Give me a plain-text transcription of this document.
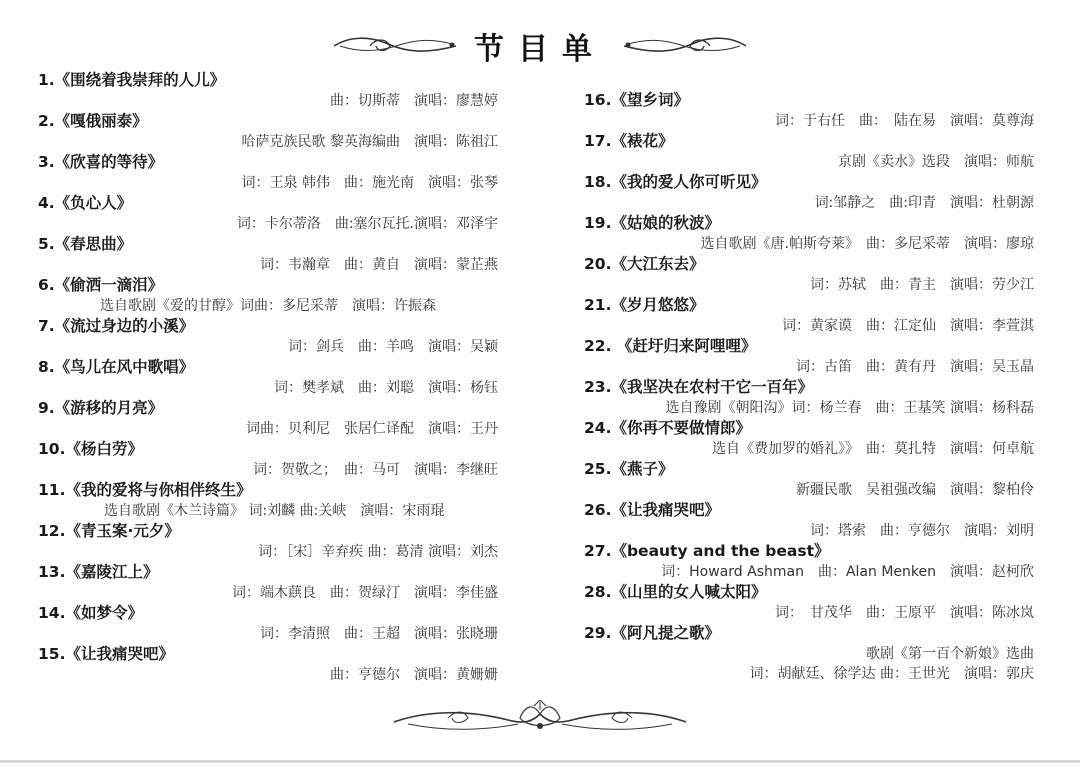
节目单
1.《围绕着我崇拜的人儿》
曲：切斯蒂　演唱：廖慧婷
2.《嘎俄丽泰》
哈萨克族民歌 黎英海编曲　演唱：陈祖江
3.《欣喜的等待》
词：王泉 韩伟　曲：施光南　演唱：张琴
4.《负心人》
词：卡尔蒂洛　曲:塞尔瓦托.演唱：邓泽宇
5.《春思曲》
词：韦瀚章　曲：黄自　演唱：蒙芷燕
6.《偷洒一滴泪》
选自歌剧《爱的甘醇》词曲：多尼采蒂　演唱：许振森
7.《流过身边的小溪》
词：剑兵　曲：羊鸣　演唱：吴颖
8.《鸟儿在风中歌唱》
词：樊孝斌　曲：刘聪　演唱：杨钰
9.《游移的月亮》
词曲：贝利尼　张居仁译配　演唱：王丹
10.《杨白劳》
词：贺敬之；　曲：马可　演唱：李继旺
11.《我的爱将与你相伴终生》
选自歌剧《木兰诗篇》 词:刘麟 曲:关峡　演唱：宋雨琨
12.《青玉案·元夕》
词：［宋］辛弃疾 曲：葛清 演唱：刘杰
13.《嘉陵江上》
词：端木蕻良　曲：贺绿汀　演唱：李佳盛
14.《如梦令》
词：李清照　曲：王超　演唱：张晓珊
15.《让我痛哭吧》
曲：亨德尔　演唱：黄姗姗
16.《望乡词》
词：于右任　曲：　陆在易　演唱：莫尊海
17.《裱花》
京剧《卖水》选段　演唱：师航
18.《我的爱人你可听见》
词:邹静之　曲:印青　演唱：杜朝源
19.《姑娘的秋波》
选自歌剧《唐.帕斯夸莱》　曲：多尼采蒂　演唱：廖琼
20.《大江东去》
词：苏轼　曲：青主　演唱：劳少江
21.《岁月悠悠》
词：黄家谟　曲：江定仙　演唱：李萱淇
22. 《赶圩归来阿哩哩》
词：古笛　曲：黄有丹　演唱：吴玉晶
23.《我坚决在农村干它一百年》
选自豫剧《朝阳沟》词：杨兰春　曲：王基笑 演唱：杨科磊
24.《你再不要做情郎》
选自《费加罗的婚礼》》　曲：莫扎特　演唱：何卓航
25.《燕子》
新疆民歌　吴祖强改编　演唱：黎柏伶
26.《让我痛哭吧》
词：塔索　曲：亨德尔　演唱：刘明
27.《beauty and the beast》
词：Howard Ashman　曲：Alan Menken　演唱：赵柯欣
28.《山里的女人喊太阳》
词：　甘茂华　曲：王原平　演唱：陈冰岚
29.《阿凡提之歌》
歌剧《第一百个新娘》选曲
词：胡献廷、徐学达 曲：王世光　演唱：郭庆
